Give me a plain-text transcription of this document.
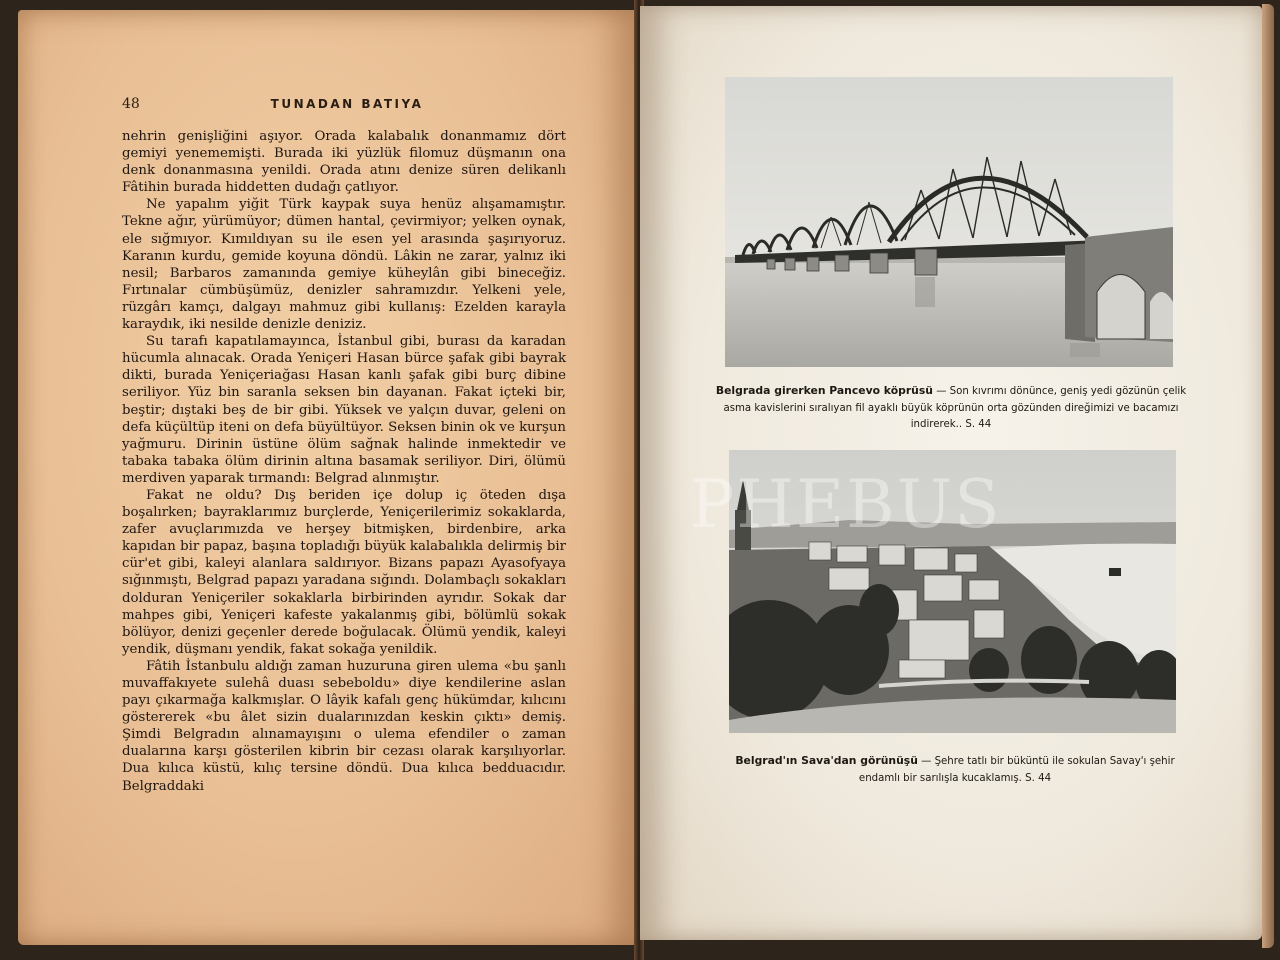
48	TUNADAN BATIYA

nehrin genişliğini aşıyor. Orada kalabalık donanmamız dört gemiyi yenememişti. Burada iki yüzlük filomuz düşmanın ona denk donanmasına yenildi. Orada atını denize süren delikanlı Fâtihin burada hiddetten dudağı çatlıyor.

Ne yapalım yiğit Türk kaypak suya henüz alışamamıştır. Tekne ağır, yürümüyor; dümen hantal, çevirmiyor; yelken oynak, ele sığmıyor. Kımıldıyan su ile esen yel arasında şaşırıyoruz. Karanın kurdu, gemide koyuna döndü. Lâkin ne zarar, yalnız iki nesil; Barbaros zamanında gemiye küheylân gibi bineceğiz. Fırtınalar cümbüşümüz, denizler sahramızdır. Yelkeni yele, rüzgârı kamçı, dalgayı mahmuz gibi kullanış: Ezelden karayla karaydık, iki nesilde denizle deniziz.

Su tarafı kapatılamayınca, İstanbul gibi, burası da karadan hücumla alınacak. Orada Yeniçeri Hasan bürce şafak gibi bayrak dikti, burada Yeniçeriağası Hasan kanlı şafak gibi burç dibine seriliyor. Yüz bin saranla seksen bin dayanan. Fakat içteki bir, beştir; dıştaki beş de bir gibi. Yüksek ve yalçın duvar, geleni on defa küçültüp iteni on defa büyültüyor. Seksen binin ok ve kurşun yağmuru. Dirinin üstüne ölüm sağnak halinde inmektedir ve tabaka tabaka ölüm dirinin altına basamak seriliyor. Diri, ölümü merdiven yaparak tırmandı: Belgrad alınmıştır.

Fakat ne oldu? Dış beriden içe dolup iç öteden dışa boşalırken; bayraklarımız burçlerde, Yeniçerilerimiz sokaklarda, zafer avuçlarımızda ve herşey bitmişken, birdenbire, arka kapıdan bir papaz, başına topladığı büyük kalabalıkla delirmiş bir cür'et gibi, kaleyi alanlara saldırıyor. Bizans papazı Ayasofyaya sığınmıştı, Belgrad papazı yaradana sığındı. Dolambaçlı sokakları dolduran Yeniçeriler sokaklarla birbirinden ayrıdır. Sokak dar mahpes gibi, Yeniçeri kafeste yakalanmış gibi, bölümlü sokak bölüyor, denizi geçenler derede boğulacak. Ölümü yendik, kaleyi yendik, düşmanı yendik, fakat sokağa yenildik.

Fâtih İstanbulu aldığı zaman huzuruna giren ulema «bu şanlı muvaffakıyete sulehâ duası sebeboldu» diye kendilerine aslan payı çıkarmağa kalkmışlar. O lâyik kafalı genç hükümdar, kılıcını göstererek «bu âlet sizin dualarınızdan keskin çıktı» demiş. Şimdi Belgradın alınamayışını o ulema efendiler o zaman dualarına karşı gösterilen kibrin bir cezası olarak karşılıyorlar. Dua kılıca küstü, kılıç tersine döndü. Dua kılıca bedduacıdır. Belgraddaki

Belgrada girerken Pancevo köprüsü — Son kıvrımı dönünce, geniş yedi gözünün çelik asma kavislerini sıralıyan fil ayaklı büyük köprünün orta gözünden direğimizi ve bacamızı indirerek.. S. 44
Belgrad'ın Sava'dan görünüşü — Şehre tatlı bir büküntü ile sokulan Savay'ı şehir endamlı bir sarılışla kucaklamış. S. 44
PHEBUS
